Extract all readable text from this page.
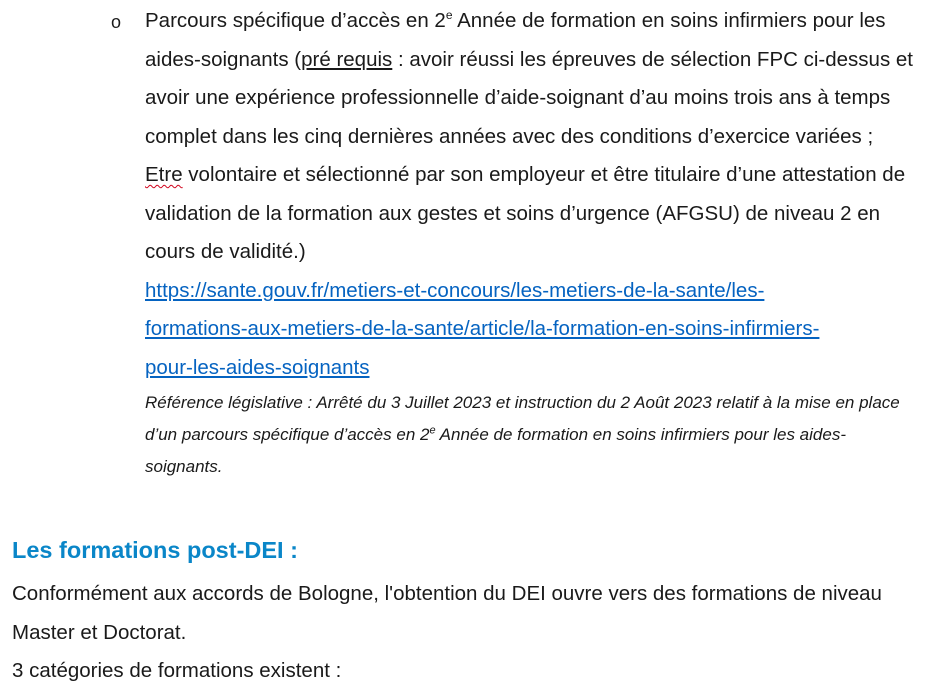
o Parcours spécifique d’accès en 2e Année de formation en soins infirmiers pour les aides-soignants (pré requis : avoir réussi les épreuves de sélection FPC ci-dessus et avoir une expérience professionnelle d’aide-soignant d’au moins trois ans à temps complet dans les cinq dernières années avec des conditions d’exercice variées ; Etre volontaire et sélectionné par son employeur et être titulaire d’une attestation de validation de la formation aux gestes et soins d’urgence (AFGSU) de niveau 2 en cours de validité.)

https://sante.gouv.fr/metiers-et-concours/les-metiers-de-la-sante/les-
formations-aux-metiers-de-la-sante/article/la-formation-en-soins-infirmiers-
pour-les-aides-soignants

Référence législative : Arrêté du 3 Juillet 2023 et instruction du 2 Août 2023 relatif à la mise en place d’un parcours spécifique d’accès en 2e Année de formation en soins infirmiers pour les aides-soignants.

Les formations post-DEI :

Conformément aux accords de Bologne, l'obtention du DEI ouvre vers des formations de niveau Master et Doctorat.

3 catégories de formations existent :
